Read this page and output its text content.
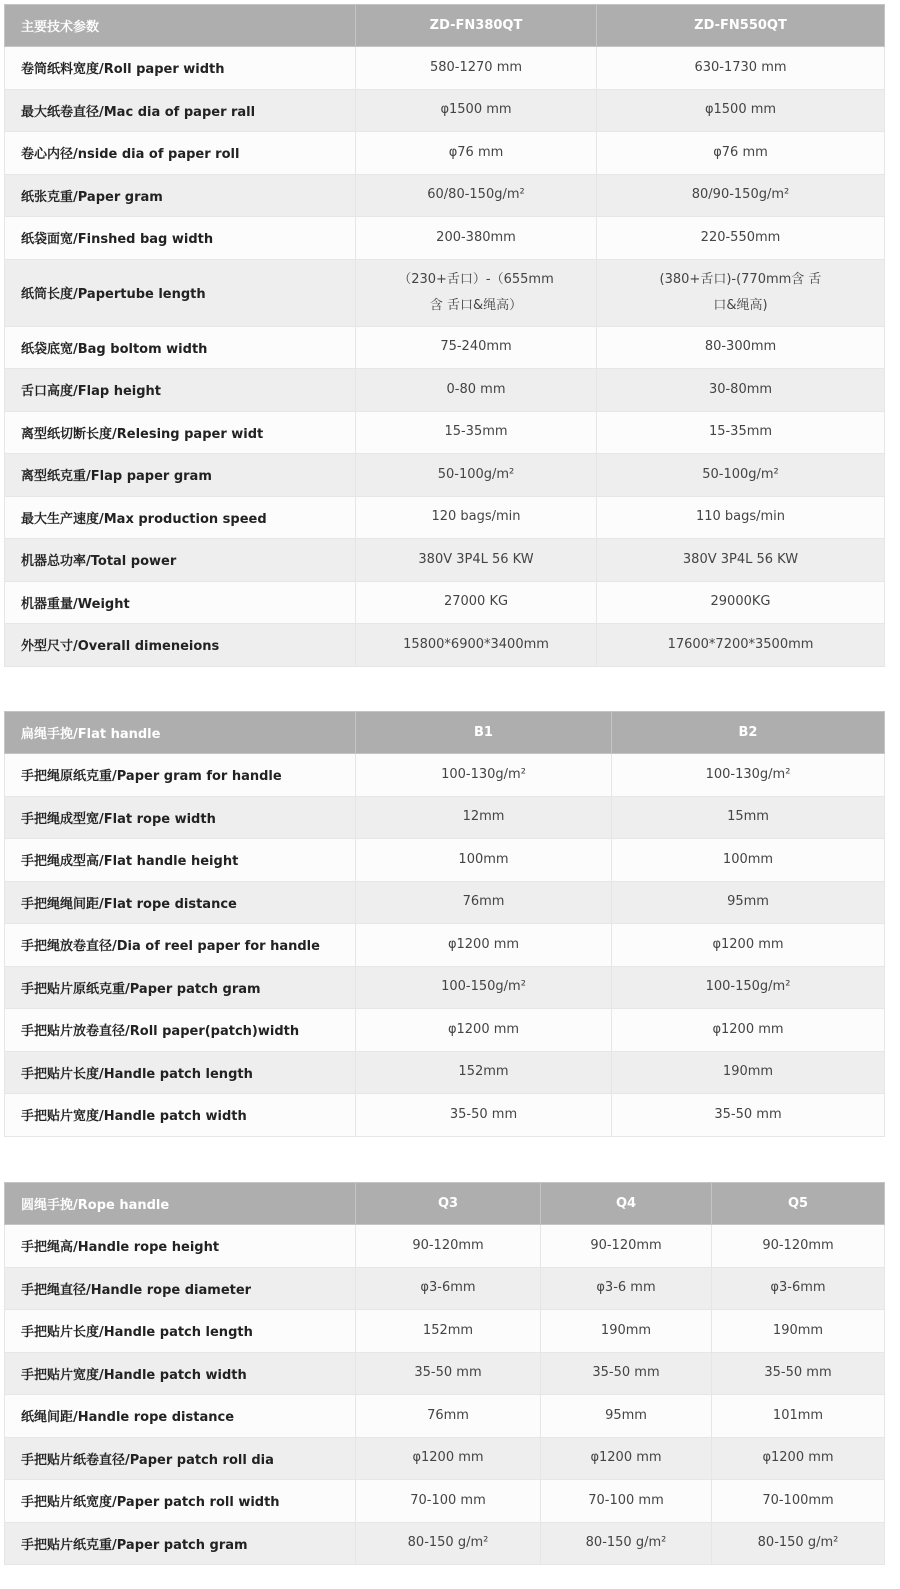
主要技术参数	ZD-FN380QT	ZD-FN550QT
卷筒纸料宽度/Roll paper width	580-1270 mm	630-1730 mm
最大纸卷直径/Mac dia of paper rall	φ1500 mm	φ1500 mm
卷心内径/nside dia of paper roll	φ76 mm	φ76 mm
纸张克重/Paper gram	60/80-150g/m²	80/90-150g/m²
纸袋面宽/Finshed bag width	200-380mm	220-550mm
纸筒长度/Papertube length	（230+舌口）-（655mm含 舌口&绳高）	(380+舌口)-(770mm含 舌口&绳高)
纸袋底宽/Bag boltom width	75-240mm	80-300mm
舌口高度/Flap height	0-80 mm	30-80mm
离型纸切断长度/Relesing paper widt	15-35mm	15-35mm
离型纸克重/Flap paper gram	50-100g/m²	50-100g/m²
最大生产速度/Max production speed	120 bags/min	110 bags/min
机器总功率/Total power	380V 3P4L 56 KW	380V 3P4L 56 KW
机器重量/Weight	27000 KG	29000KG
外型尺寸/Overall dimeneions	15800*6900*3400mm	17600*7200*3500mm
扁绳手挽/Flat handle	B1	B2
手把绳原纸克重/Paper gram for handle	100-130g/m²	100-130g/m²
手把绳成型宽/Flat rope width	12mm	15mm
手把绳成型高/Flat handle height	100mm	100mm
手把绳绳间距/Flat rope distance	76mm	95mm
手把绳放卷直径/Dia of reel paper for handle	φ1200 mm	φ1200 mm
手把贴片原纸克重/Paper patch gram	100-150g/m²	100-150g/m²
手把贴片放卷直径/Roll paper(patch)width	φ1200 mm	φ1200 mm
手把贴片长度/Handle patch length	152mm	190mm
手把贴片宽度/Handle patch width	35-50 mm	35-50 mm
圆绳手挽/Rope handle	Q3	Q4	Q5
手把绳高/Handle rope height	90-120mm	90-120mm	90-120mm
手把绳直径/Handle rope diameter	φ3-6mm	φ3-6 mm	φ3-6mm
手把贴片长度/Handle patch length	152mm	190mm	190mm
手把贴片宽度/Handle patch width	35-50 mm	35-50 mm	35-50 mm
纸绳间距/Handle rope distance	76mm	95mm	101mm
手把贴片纸卷直径/Paper patch roll dia	φ1200 mm	φ1200 mm	φ1200 mm
手把贴片纸宽度/Paper patch roll width	70-100 mm	70-100 mm	70-100mm
手把贴片纸克重/Paper patch gram	80-150 g/m²	80-150 g/m²	80-150 g/m²
